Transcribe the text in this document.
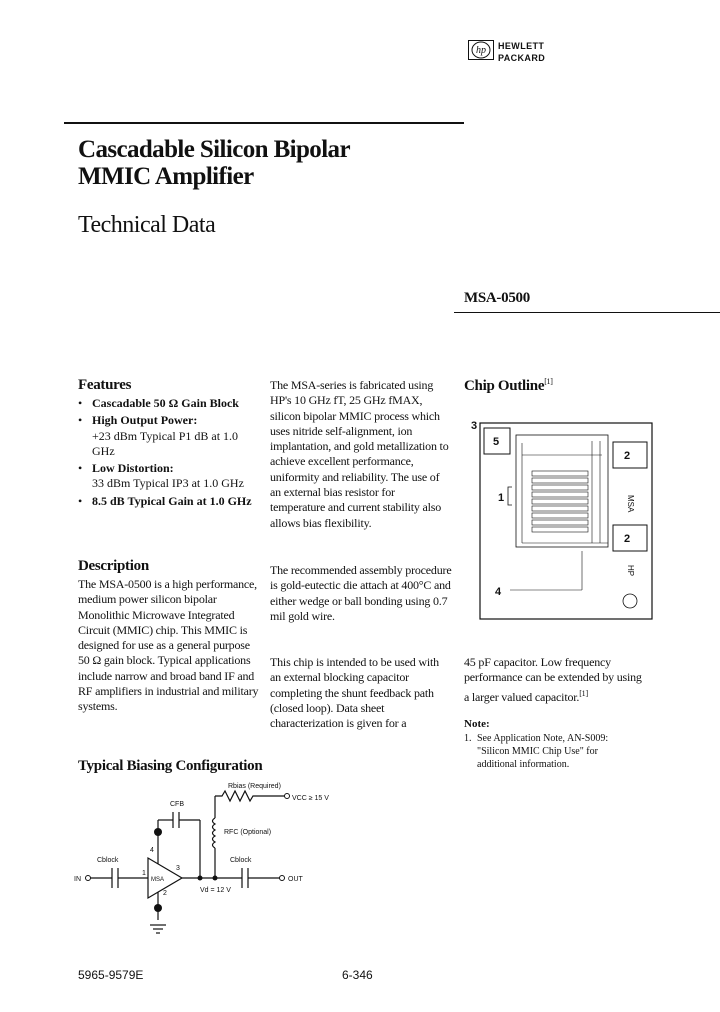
hp HEWLETT
PACKARD
Cascadable Silicon Bipolar
MMIC Amplifier
Technical Data
MSA-0500
Features
• Cascadable 50 Ω Gain Block
• High Output Power:
+23 dBm Typical P1 dB at 1.0 GHz
• Low Distortion:
33 dBm Typical IP3 at 1.0 GHz
• 8.5 dB Typical Gain at 1.0 GHz
Description
The MSA-0500 is a high performance, medium power silicon bipolar Monolithic Microwave Integrated Circuit (MMIC) chip. This MMIC is designed for use as a general purpose 50 Ω gain block. Typical applications include narrow and broad band IF and RF amplifiers in industrial and military systems.
The MSA-series is fabricated using HP's 10 GHz fT, 25 GHz fMAX, silicon bipolar MMIC process which uses nitride self-alignment, ion implantation, and gold metallization to achieve excellent performance, uniformity and reliability. The use of an external bias resistor for temperature and current stability also allows bias flexibility.
The recommended assembly procedure is gold-eutectic die attach at 400°C and either wedge or ball bonding using 0.7 mil gold wire.
This chip is intended to be used with an external blocking capacitor completing the shunt feedback path (closed loop). Data sheet characterization is given for a
Chip Outline[1]
MSA
HP
3
5
2
1
2
4
45 pF capacitor. Low frequency performance can be extended by using a larger valued capacitor.[1]
Note:
1. See Application Note, AN-S009:
"Silicon MMIC Chip Use" for
additional information.
Typical Biasing Configuration
Rbias (Required)
VCC ≥ 15 V
CFB
RFC (Optional)
Cblock	Cblock
IN	OUT
MSA
Vd = 12 V
1
2
3
4
5965-9579E	6-346
